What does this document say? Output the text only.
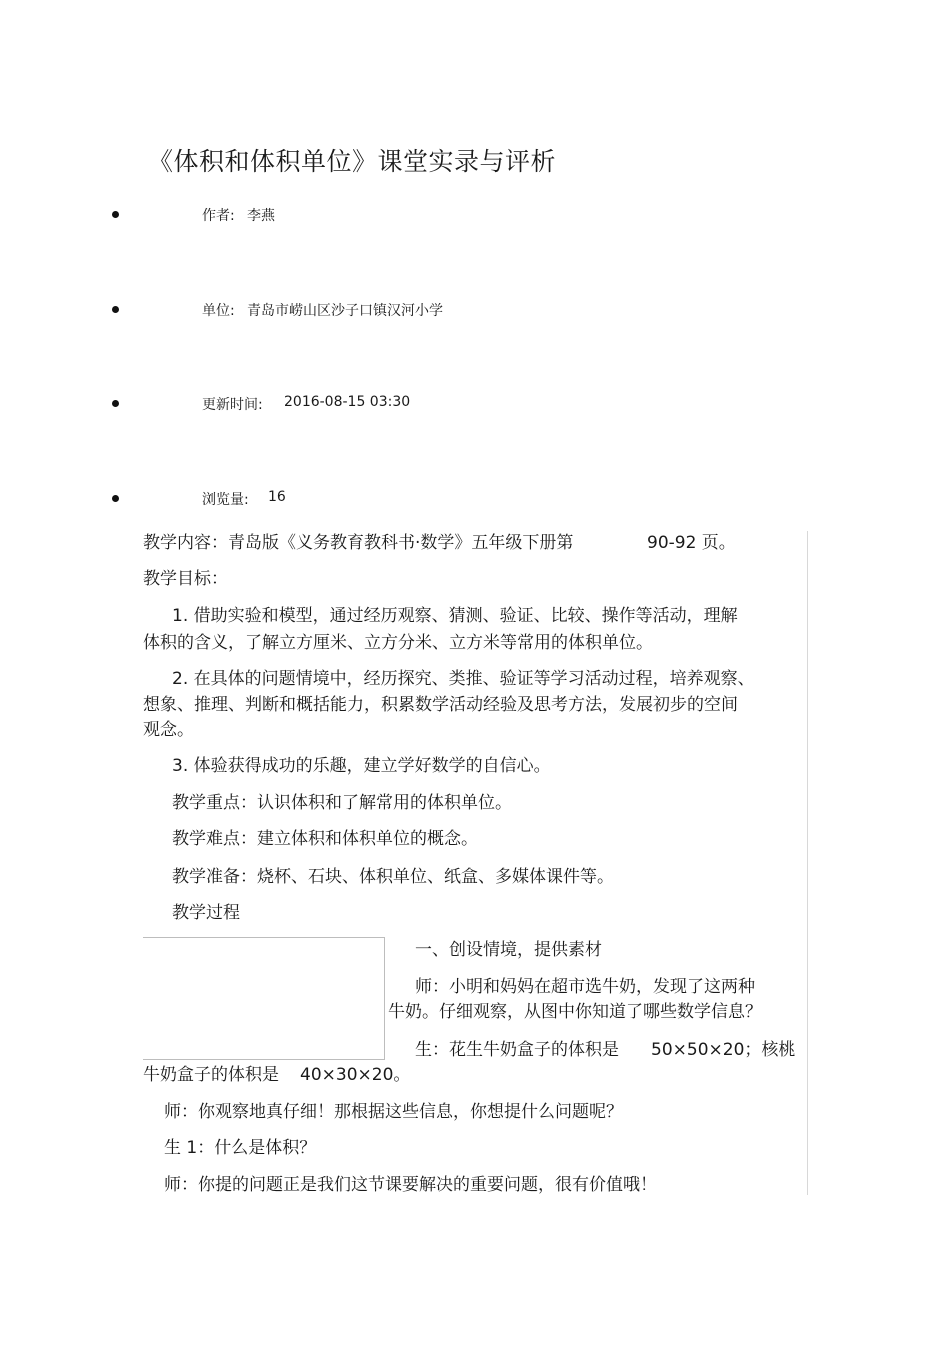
《体积和体积单位》课堂实录与评析
作者: 李燕
单位: 青岛市崂山区沙子口镇汉河小学
更新时间: 2016-08-15 03:30
浏览量: 16
教学内容：青岛版《义务教育教科书·数学》五年级下册第	90-92 页。
教学目标：
1. 借助实验和模型，通过经历观察、猜测、验证、比较、操作等活动，理解
体积的含义，了解立方厘米、立方分米、立方米等常用的体积单位。
2. 在具体的问题情境中，经历探究、类推、验证等学习活动过程，培养观察、
想象、推理、判断和概括能力，积累数学活动经验及思考方法，发展初步的空间
观念。
3. 体验获得成功的乐趣，建立学好数学的自信心。
教学重点：认识体积和了解常用的体积单位。
教学难点：建立体积和体积单位的概念。
教学准备：烧杯、石块、体积单位、纸盒、多媒体课件等。
教学过程
一、创设情境，提供素材
师：小明和妈妈在超市选牛奶，发现了这两种
牛奶。仔细观察，从图中你知道了哪些数学信息？
生：花生牛奶盒子的体积是 50×50×20；核桃
牛奶盒子的体积是 40×30×20。
师：你观察地真仔细！那根据这些信息，你想提什么问题呢？
生 1：什么是体积？
师：你提的问题正是我们这节课要解决的重要问题，很有价值哦！
